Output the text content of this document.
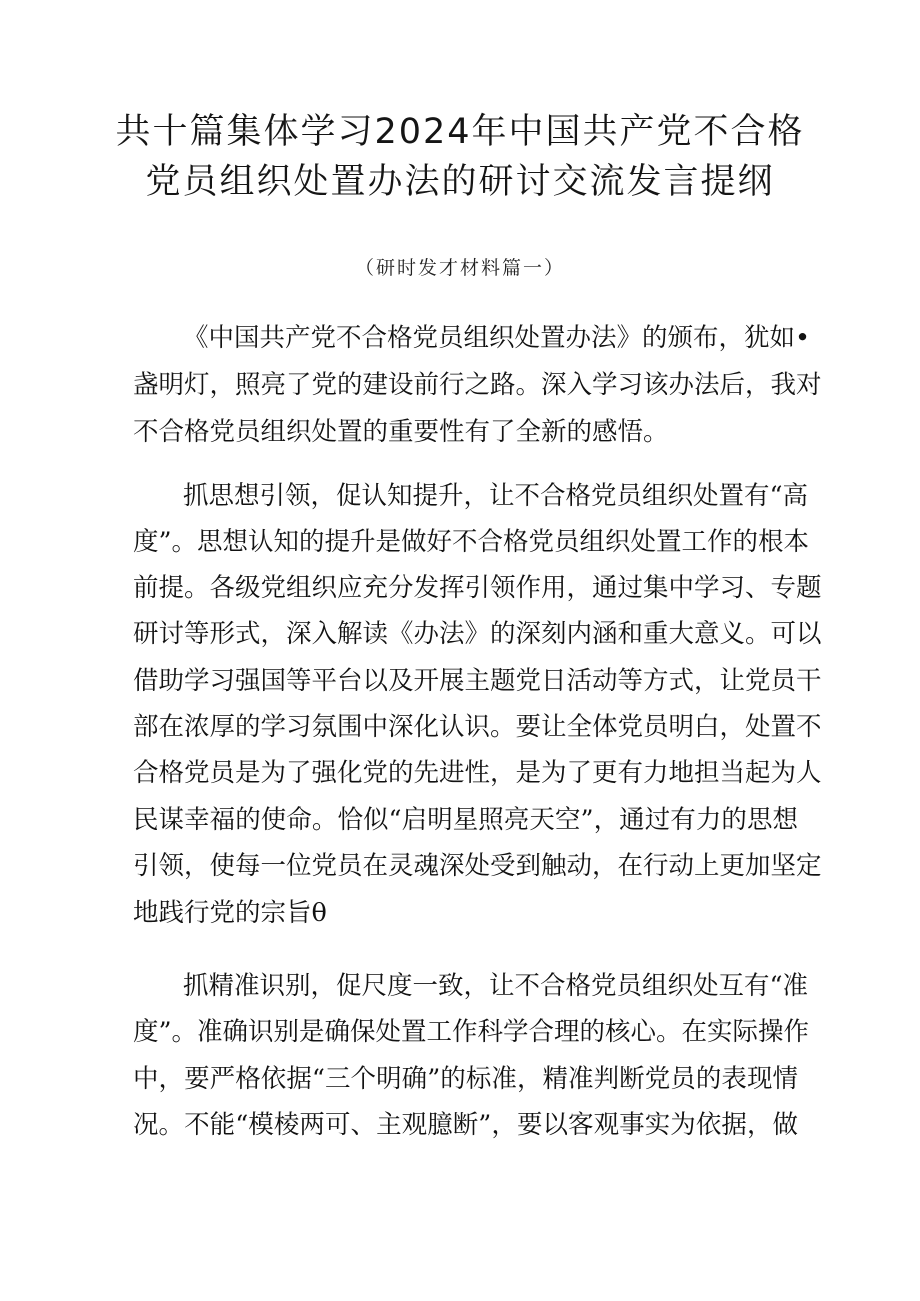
共十篇集体学习2024年中国共产党不合格
党员组织处置办法的研讨交流发言提纲

（研时发才材料篇一）

《中国共产党不合格党员组织处置办法》的颁布，犹如•

盏明灯，照亮了党的建设前行之路。深入学习该办法后，我对

不合格党员组织处置的重要性有了全新的感悟。

抓思想引领，促认知提升，让不合格党员组织处置有“高

度”。思想认知的提升是做好不合格党员组织处置工作的根本

前提。各级党组织应充分发挥引领作用，通过集中学习、专题

研讨等形式，深入解读《办法》的深刻内涵和重大意义。可以

借助学习强国等平台以及开展主题党日活动等方式，让党员干

部在浓厚的学习氛围中深化认识。要让全体党员明白，处置不

合格党员是为了强化党的先进性，是为了更有力地担当起为人

民谋幸福的使命。恰似“启明星照亮天空”，通过有力的思想

引领，使每一位党员在灵魂深处受到触动，在行动上更加坚定

地践行党的宗旨θ

抓精准识别，促尺度一致，让不合格党员组织处互有“准

度”。准确识别是确保处置工作科学合理的核心。在实际操作

中，要严格依据“三个明确”的标准，精准判断党员的表现情

况。不能“模棱两可、主观臆断”，要以客观事实为依据，做
